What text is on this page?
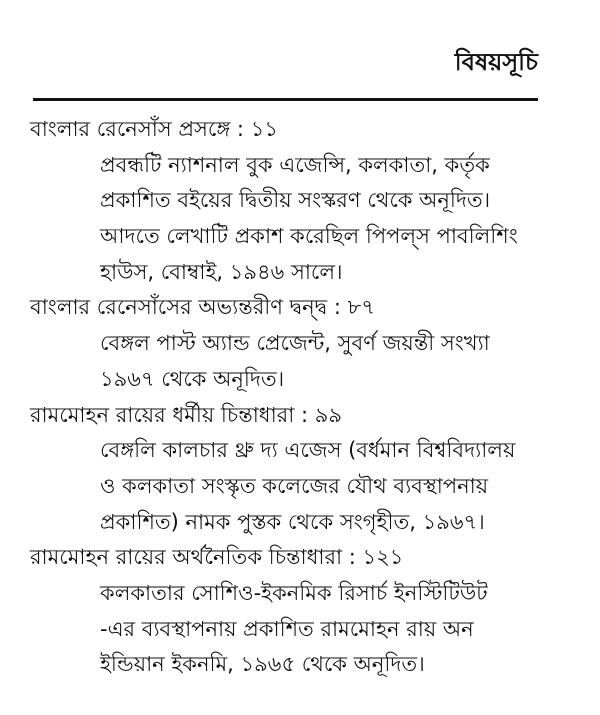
বিষয়সূচি
বাংলার রেনেসাঁস প্রসঙ্গে : ১১
প্রবন্ধটি ন্যাশনাল বুক এজেন্সি, কলকাতা, কর্তৃক
প্রকাশিত বইয়ের দ্বিতীয় সংস্করণ থেকে অনূদিত।
আদতে লেখাটি প্রকাশ করেছিল পিপল্‌স পাবলিশিং
হাউস, বোম্বাই, ১৯৪৬ সালে।
বাংলার রেনেসাঁসের অভ্যন্তরীণ দ্বন্দ্ব : ৮৭
বেঙ্গল পাস্ট অ্যান্ড প্রেজেন্ট, সুবর্ণ জয়ন্তী সংখ্যা
১৯৬৭ থেকে অনূদিত।
রামমোহন রায়ের ধর্মীয় চিন্তাধারা : ৯৯
বেঙ্গলি কালচার থ্রু দ্য এজেস (বর্ধমান বিশ্ববিদ্যালয়
ও কলকাতা সংস্কৃত কলেজের যৌথ ব্যবস্থাপনায়
প্রকাশিত) নামক পুস্তক থেকে সংগৃহীত, ১৯৬৭।
রামমোহন রায়ের অর্থনৈতিক চিন্তাধারা : ১২১
কলকাতার সোশিও-ইকনমিক রিসার্চ ইনস্টিটিউট
-এর ব্যবস্থাপনায় প্রকাশিত রামমোহন রায় অন
ইন্ডিয়ান ইকনমি, ১৯৬৫ থেকে অনূদিত।
